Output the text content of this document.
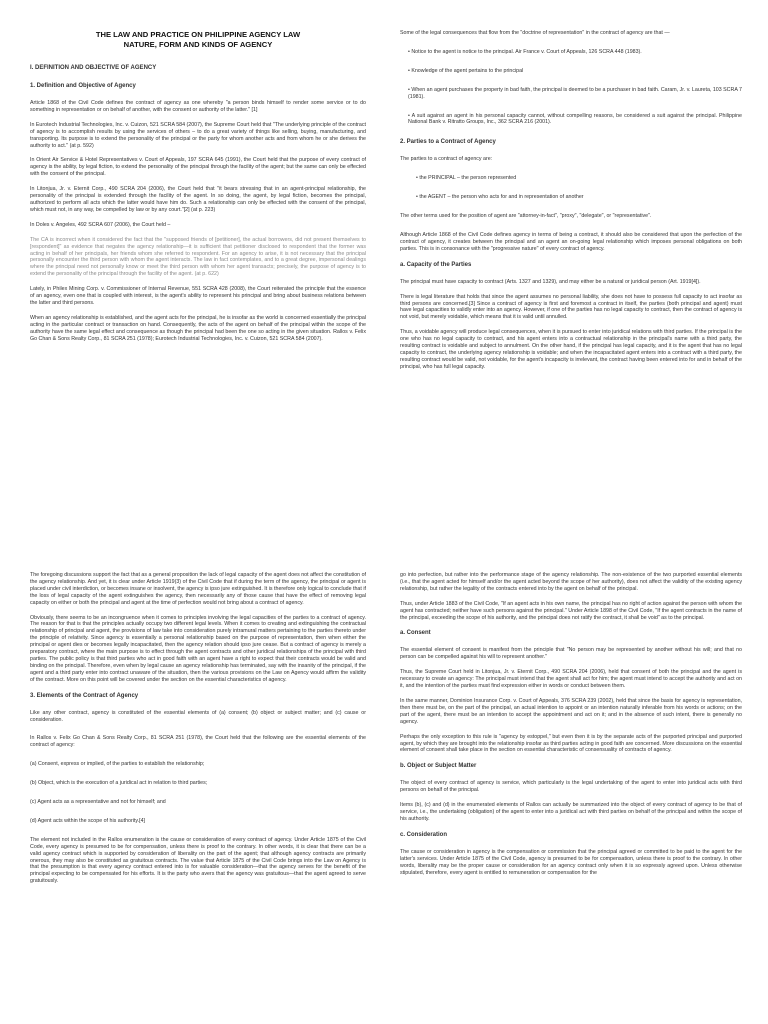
THE LAW AND PRACTICE ON PHILIPPINE AGENCY LAW
NATURE, FORM AND KINDS OF AGENCY
I. DEFINITION AND OBJECTIVE OF AGENCY
1. Definition and Objective of Agency

Article 1868 of the Civil Code defines the contract of agency as one whereby "a person binds himself to render some service or to do something in representation or on behalf of another, with the consent or authority of the latter." [1]

In Eurotech Industrial Technologies, Inc. v. Cuizon, 521 SCRA 584 (2007), the Supreme Court held that "The underlying principle of the contract of agency is to accomplish results by using the services of others – to do a great variety of things like selling, buying, manufacturing, and transporting. Its purpose is to extend the personality of the principal or the party for whom another acts and from whom he or she derives the authority to act." (at p. 592)

In Orient Air Service & Hotel Representatives v. Court of Appeals, 197 SCRA 645 (1991), the Court held that the purpose of every contract of agency is the ability, by legal fiction, to extend the personality of the principal through the facility of the agent; but the same can only be effected with the consent of the principal.

In Litonjua, Jr. v. Eternit Corp., 490 SCRA 204 (2006), the Court held that "it bears stressing that in an agent-principal relationship, the personality of the principal is extended through the facility of the agent. In so doing, the agent, by legal fiction, becomes the principal, authorized to perform all acts which the latter would have him do. Such a relationship can only be effected with the consent of the principal, which must not, in any way, be compelled by law or by any court."[2] (at p. 223)

In Doles v. Angeles, 492 SCRA 607 (2006), the Court held –

The CA is incorrect when it considered the fact that the "supposed friends of [petitioner], the actual borrowers, did not present themselves to [respondent]" as evidence that negates the agency relationship—it is sufficient that petitioner disclosed to respondent that the former was acting in behalf of her principals, her friends whom she referred to respondent. For an agency to arise, it is not necessary that the principal personally encounter the third person with whom the agent interacts. The law in fact contemplates, and to a great degree, impersonal dealings where the principal need not personally know or meet the third person with whom her agent transacts; precisely, the purpose of agency is to extend the personality of the principal through the facility of the agent. (at p. 622)

Lately, in Philex Mining Corp. v. Commissioner of Internal Revenue, 551 SCRA 428 (2008), the Court reiterated the principle that the essence of an agency, even one that is coupled with interest, is the agent's ability to represent his principal and bring about business relations between the latter and third persons.

When an agency relationship is established, and the agent acts for the principal, he is insofar as the world is concerned essentially the principal acting in the particular contract or transaction on hand. Consequently, the acts of the agent on behalf of the principal within the scope of the authority have the same legal effect and consequence as though the principal had been the one so acting in the given situation. Rallos v. Felix Go Chan & Sons Realty Corp., 81 SCRA 251 (1978); Eurotech Industrial Technologies, Inc. v. Cuizon, 521 SCRA 584 (2007).

Some of the legal consequences that flow from the "doctrine of representation" in the contract of agency are that —

• Notice to the agent is notice to the principal. Air France v. Court of Appeals, 126 SCRA 448 (1983).
• Knowledge of the agent pertains to the principal
• When an agent purchases the property in bad faith, the principal is deemed to be a purchaser in bad faith. Caram, Jr. v. Laureta, 103 SCRA 7 (1981).
• A suit against an agent in his personal capacity cannot, without compelling reasons, be considered a suit against the principal. Philippine National Bank v. Ritratto Groups, Inc., 362 SCRA 216 (2001).
2. Parties to a Contract of Agency

The parties to a contract of agency are:

• the PRINCIPAL – the person represented
• the AGENT – the person who acts for and in representation of another

The other terms used for the position of agent are "attorney-in-fact", "proxy", "delegate", or "representative".

Although Article 1868 of the Civil Code defines agency in terms of being a contract, it should also be considered that upon the perfection of the contract of agency, it creates between the principal and an agent an on-going legal relationship which imposes personal obligations on both parties. This is in consonance with the "progressive nature" of every contract of agency.

a. Capacity of the Parties

The principal must have capacity to contract (Arts. 1327 and 1329), and may either be a natural or juridical person (Art. 1919[4]).

There is legal literature that holds that since the agent assumes no personal liability, she does not have to possess full capacity to act insofar as third persons are concerned.[3] Since a contract of agency is first and foremost a contract in itself, the parties (both principal and agent) must have legal capacities to validly enter into an agency. However, if one of the parties has no legal capacity to contract, then the contract of agency is not void, but merely voidable, which means that it is valid until annulled.

Thus, a voidable agency will produce legal consequences, when it is pursued to enter into juridical relations with third parties. If the principal is the one who has no legal capacity to contract, and his agent enters into a contractual relationship in the principal's name with a third party, the resulting contract is voidable and subject to annulment. On the other hand, if the principal has legal capacity, and it is the agent that has no legal capacity to contract, the underlying agency relationship is voidable; and when the incapacitated agent enters into a contract with a third party, the resulting contract would be valid, not voidable, for the agent's incapacity is irrelevant, the contract having been entered into for and in behalf of the principal, who has full legal capacity.

The foregoing discussions support the fact that as a general proposition the lack of legal capacity of the agent does not affect the constitution of the agency relationship. And yet, it is clear under Article 1919(3) of the Civil Code that if during the term of the agency, the principal or agent is placed under civil interdiction, or becomes insane or insolvent, the agency is ipso jure extinguished. It is therefore only logical to conclude that if the loss of legal capacity of the agent extinguishes the agency, then necessarily any of those cause that have the effect of removing legal capacity on either or both the principal and agent at the time of perfection would not bring about a contract of agency.

Obviously, there seems to be an incongruence when it comes to principles involving the legal capacities of the parties to a contract of agency. The reason for that is that the principles actually occupy two different legal levels. When it comes to creating and extinguishing the contractual relationship of principal and agent, the provisions of law take into consideration purely intramural matters pertaining to the parties thereto under the principle of relativity. Since agency is essentially a personal relationship based on the purpose of representation, then when either the principal or agent dies or becomes legally incapacitated, then the agency relation should ipso jure cease. But a contract of agency is merely a preparatory contract, where the main purpose is to effect through the agent contracts and other juridical relationships of the principal with third parties. The public policy is that third parties who act in good faith with an agent have a right to expect that their contracts would be valid and binding on the principal. Therefore, even when by legal cause an agency relationship has terminated, say with the insanity of the principal, if the agent and a third party enter into contract unaware of the situation, then the various provisions on the Law on Agency would affirm the validity of the contract. More on this point will be covered under the section on the essential characteristics of agency.

3. Elements of the Contract of Agency

Like any other contract, agency is constituted of the essential elements of (a) consent; (b) object or subject matter; and (c) cause or consideration.

In Rallos v. Felix Go Chan & Sons Realty Corp., 81 SCRA 251 (1978), the Court held that the following are the essential elements of the contract of agency:

(a) Consent, express or implied, of the parties to establish the relationship;

(b) Object, which is the execution of a juridical act in relation to third parties;

(c) Agent acts as a representative and not for himself; and

(d) Agent acts within the scope of his authority.[4]

The element not included in the Rallos enumeration is the cause or consideration of every contract of agency. Under Article 1875 of the Civil Code, every agency is presumed to be for compensation, unless there is proof to the contrary. In other words, it is clear that there can be a valid agency contract which is supported by consideration of liberality on the part of the agent; that although agency contracts are primarily onerous, they may also be constituted as gratuitous contracts. The value that Article 1875 of the Civil Code brings into the Law on Agency is that the presumption is that every agency contract entered into is for valuable consideration—that the agency serves for the benefit of the principal expecting to be compensated for his efforts. It is the party who avers that the agency was gratuitous—that the agent agreed to serve gratuitously.

go into perfection, but rather into the performance stage of the agency relationship. The non-existence of the two purported essential elements (i.e., that the agent acted for himself and/or the agent acted beyond the scope of her authority), does not affect the validity of the existing agency relationship, but rather the legality of the contracts entered into by the agent on behalf of the principal.

Thus, under Article 1883 of the Civil Code, "If an agent acts in his own name, the principal has no right of action against the person with whom the agent has contracted; neither have such persons against the principal." Under Article 1898 of the Civil Code, "If the agent contracts in the name of the principal, exceeding the scope of his authority, and the principal does not ratify the contract, it shall be void" as to the principal.

a. Consent

The essential element of consent is manifest from the principle that "No person may be represented by another without his will; and that no person can be compelled against his will to represent another."

Thus, the Supreme Court held in Litonjua, Jr. v. Eternit Corp., 490 SCRA 204 (2006), held that consent of both the principal and the agent is necessary to create an agency: The principal must intend that the agent shall act for him; the agent must intend to accept the authority and act on it, and the intention of the parties must find expression either in words or conduct between them.

In the same manner, Dominion Insurance Corp. v. Court of Appeals, 376 SCRA 239 (2002), held that since the basis for agency is representation, then there must be, on the part of the principal, an actual intention to appoint or an intention naturally inferable from his words or actions; on the part of the agent, there must be an intention to accept the appointment and act on it; and in the absence of such intent, there is generally no agency.

Perhaps the only exception to this rule is "agency by estoppel," but even then it is by the separate acts of the purported principal and purported agent, by which they are brought into the relationship insofar as third parties acting in good faith are concerned. More discussions on the essential element of consent shall take place in the section on essential characteristic of consensuality of contracts of agency.

b. Object or Subject Matter

The object of every contract of agency is service, which particularly is the legal undertaking of the agent to enter into juridical acts with third persons on behalf of the principal.

Items (b), (c) and (d) in the enumerated elements of Rallos can actually be summarized into the object of every contract of agency to be that of service, i.e., the undertaking (obligation) of the agent to enter into a juridical act with third parties on behalf of the principal and within the scope of his authority.

c. Consideration

The cause or consideration in agency is the compensation or commission that the principal agreed or committed to be paid to the agent for the latter's services. Under Article 1875 of the Civil Code, agency is presumed to be for compensation, unless there is proof to the contrary. In other words, liberality may be the proper cause or consideration for an agency contract only when it is so expressly agreed upon. Unless otherwise stipulated, therefore, every agent is entitled to remuneration or compensation for the
